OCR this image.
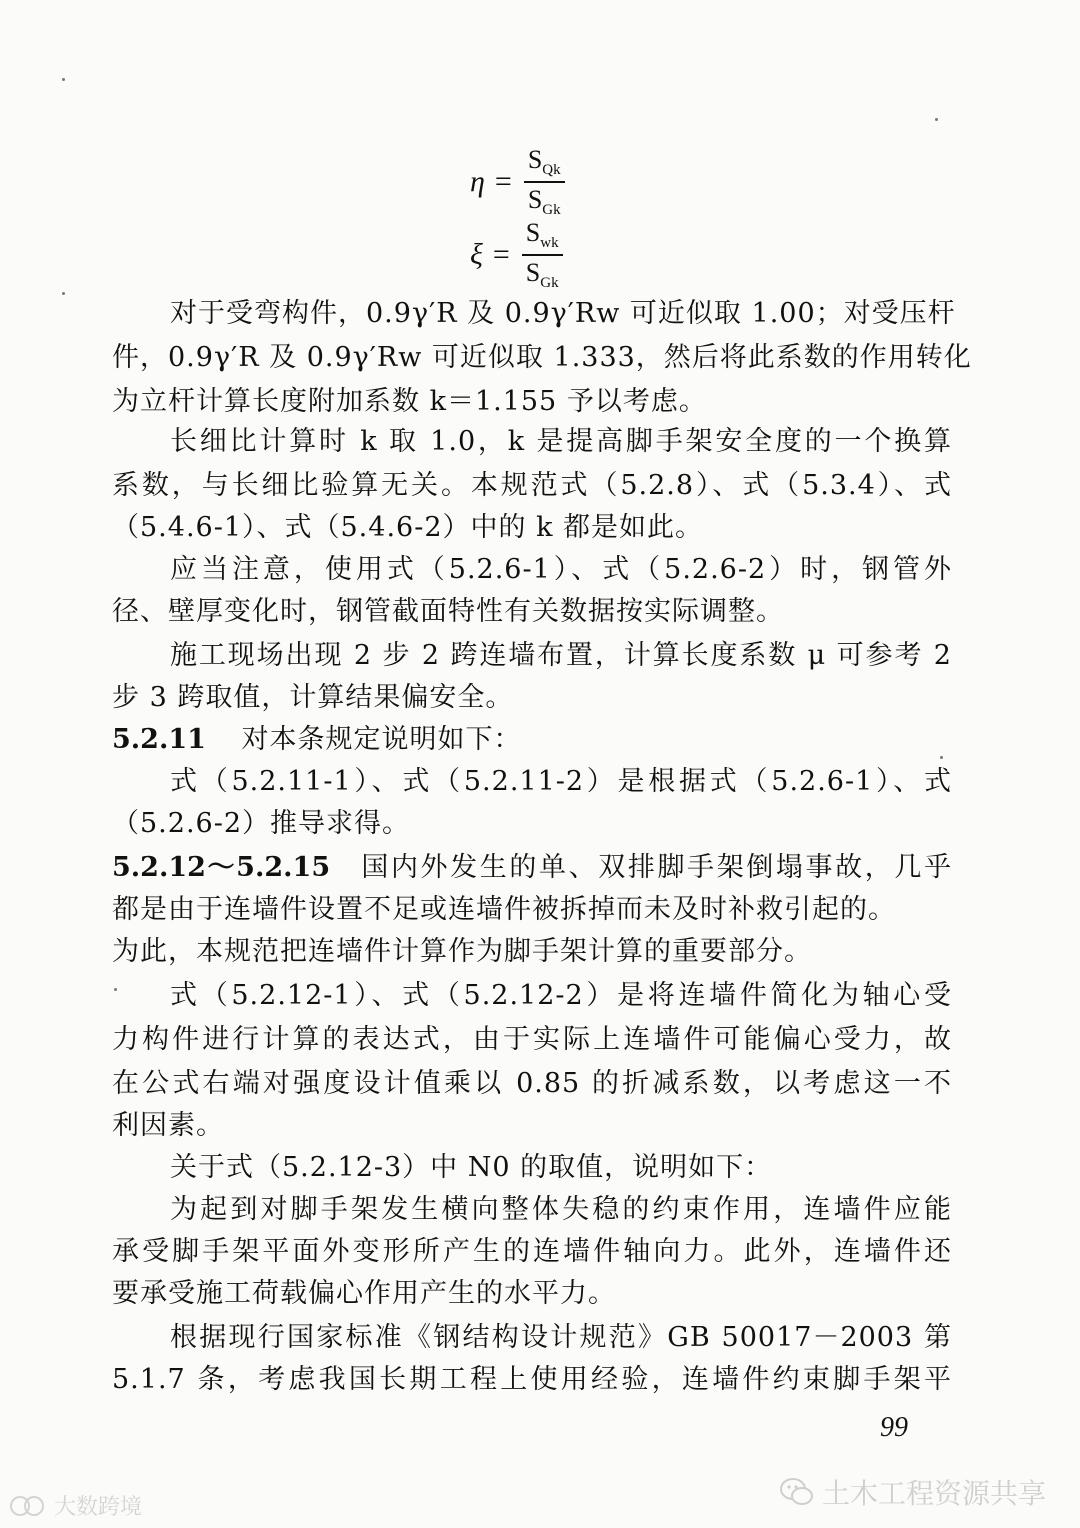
$\eta = \frac{S_{Qk}}{S_{Gk}}$
$\xi = \frac{S_{wk}}{S_{Gk}}$
对于受弯构件，0.9γ′R 及 0.9γ′Rw 可近似取 1.00；对受压杆
件，0.9γ′R 及 0.9γ′Rw 可近似取 1.333，然后将此系数的作用转化
为立杆计算长度附加系数 k＝1.155 予以考虑。
长细比计算时 k 取 1.0，k 是提高脚手架安全度的一个换算
系数，与长细比验算无关。本规范式（5.2.8）、式（5.3.4）、式
（5.4.6-1）、式（5.4.6-2）中的 k 都是如此。
应当注意，使用式（5.2.6-1）、式（5.2.6-2）时，钢管外
径、壁厚变化时，钢管截面特性有关数据按实际调整。
施工现场出现 2 步 2 跨连墙布置，计算长度系数 μ 可参考 2
步 3 跨取值，计算结果偏安全。
5.2.11 对本条规定说明如下：
式（5.2.11-1）、式（5.2.11-2）是根据式（5.2.6-1）、式
（5.2.6-2）推导求得。
5.2.12～5.2.15 国内外发生的单、双排脚手架倒塌事故，几乎
都是由于连墙件设置不足或连墙件被拆掉而未及时补救引起的。
为此，本规范把连墙件计算作为脚手架计算的重要部分。
式（5.2.12-1）、式（5.2.12-2）是将连墙件简化为轴心受
力构件进行计算的表达式，由于实际上连墙件可能偏心受力，故
在公式右端对强度设计值乘以 0.85 的折减系数，以考虑这一不
利因素。
关于式（5.2.12-3）中 N0 的取值，说明如下：
为起到对脚手架发生横向整体失稳的约束作用，连墙件应能
承受脚手架平面外变形所产生的连墙件轴向力。此外，连墙件还
要承受施工荷载偏心作用产生的水平力。
根据现行国家标准《钢结构设计规范》GB 50017－2003 第
5.1.7 条，考虑我国长期工程上使用经验，连墙件约束脚手架平
99
土木工程资源共享
大数跨境
